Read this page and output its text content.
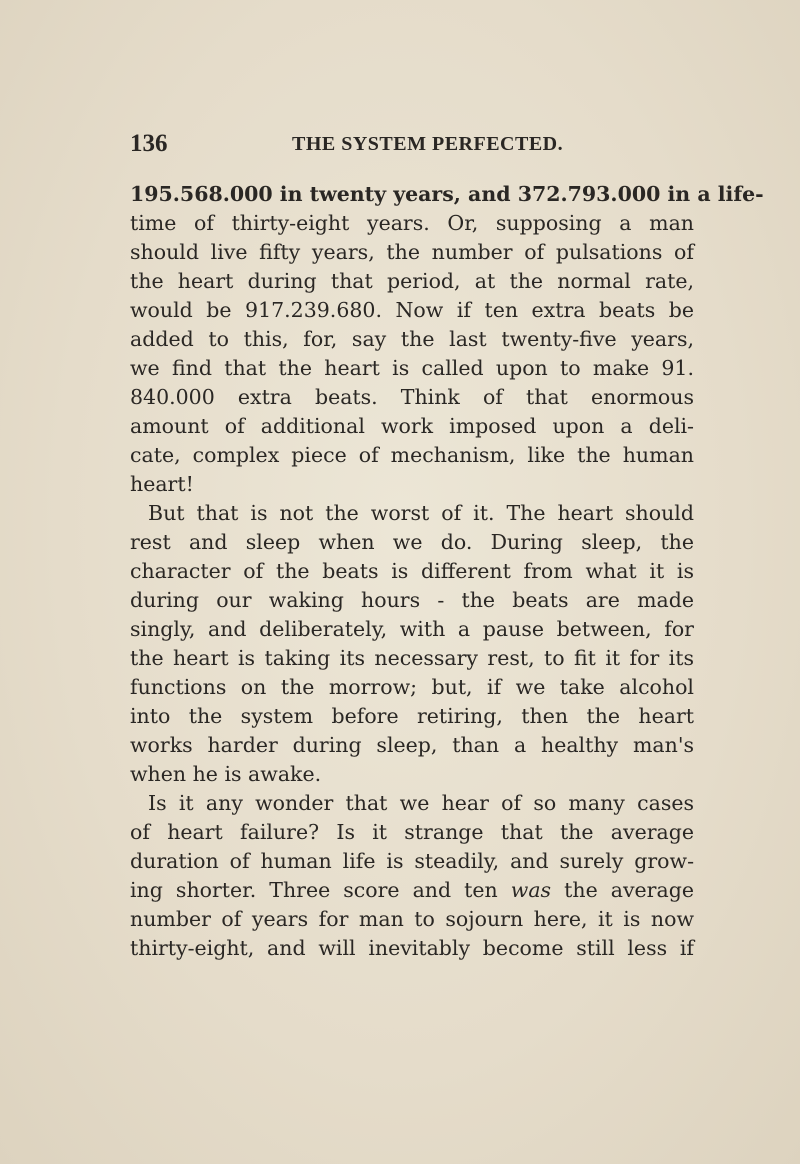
136	THE SYSTEM PERFECTED.
195.568.000 in twenty years, and 372.793.000 in a life-
time of thirty-eight years. Or, supposing a man
should live fifty years, the number of pulsations of
the heart during that period, at the normal rate,
would be 917.239.680. Now if ten extra beats be
added to this, for, say the last twenty-five years,
we find that the heart is called upon to make 91.
840.000 extra beats. Think of that enormous
amount of additional work imposed upon a deli-
cate, complex piece of mechanism, like the human
heart!
But that is not the worst of it. The heart should
rest and sleep when we do. During sleep, the
character of the beats is different from what it is
during our waking hours - the beats are made
singly, and deliberately, with a pause between, for
the heart is taking its necessary rest, to fit it for its
functions on the morrow; but, if we take alcohol
into the system before retiring, then the heart
works harder during sleep, than a healthy man's
when he is awake.
Is it any wonder that we hear of so many cases
of heart failure? Is it strange that the average
duration of human life is steadily, and surely grow-
ing shorter. Three score and ten was the average
number of years for man to sojourn here, it is now
thirty-eight, and will inevitably become still less if
